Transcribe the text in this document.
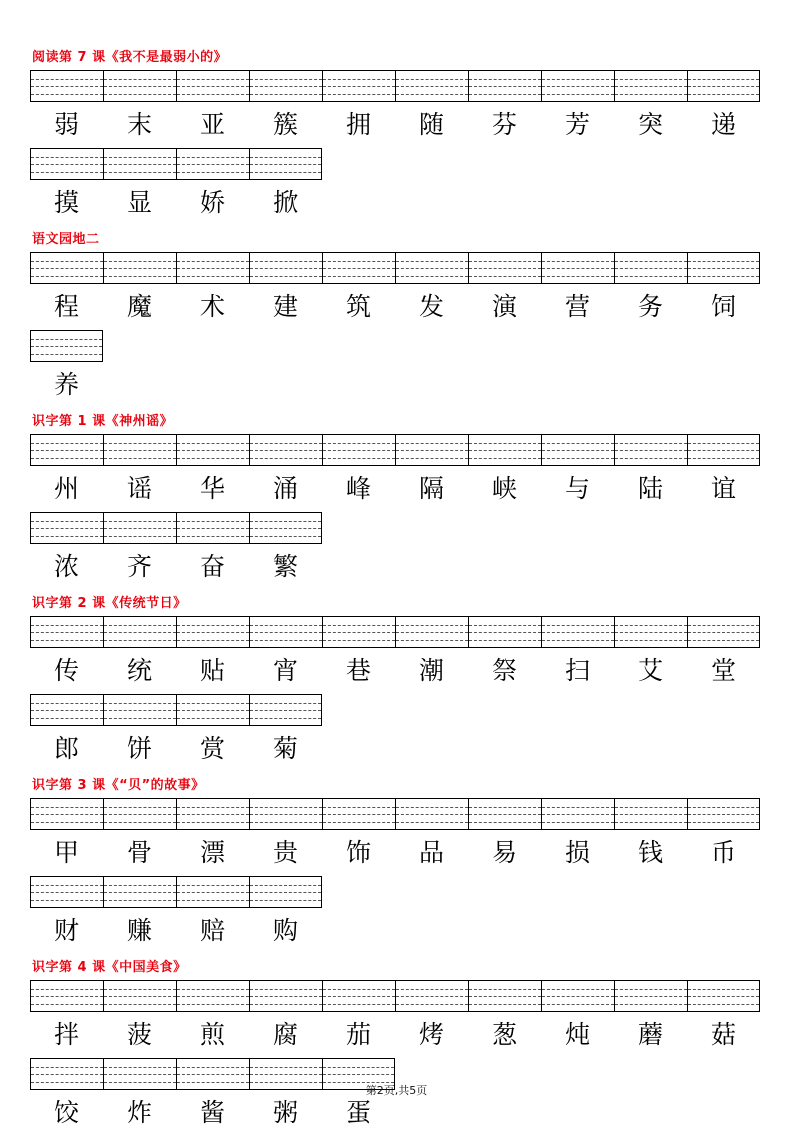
阅读第 7 课《我不是最弱小的》
弱	末	亚	簇	拥	随	芬	芳	突	递
摸	显	娇	掀
语文园地二
程	魔	术	建	筑	发	演	营	务	饲
养
识字第 1 课《神州谣》
州	谣	华	涌	峰	隔	峡	与	陆	谊
浓	齐	奋	繁
识字第 2 课《传统节日》
传	统	贴	宵	巷	潮	祭	扫	艾	堂
郎	饼	赏	菊
识字第 3 课《“贝”的故事》
甲	骨	漂	贵	饰	品	易	损	钱	币
财	赚	赔	购
识字第 4 课《中国美食》
拌	菠	煎	腐	茄	烤	葱	炖	蘑	菇
饺	炸	酱	粥	蛋
第2页,共5页
